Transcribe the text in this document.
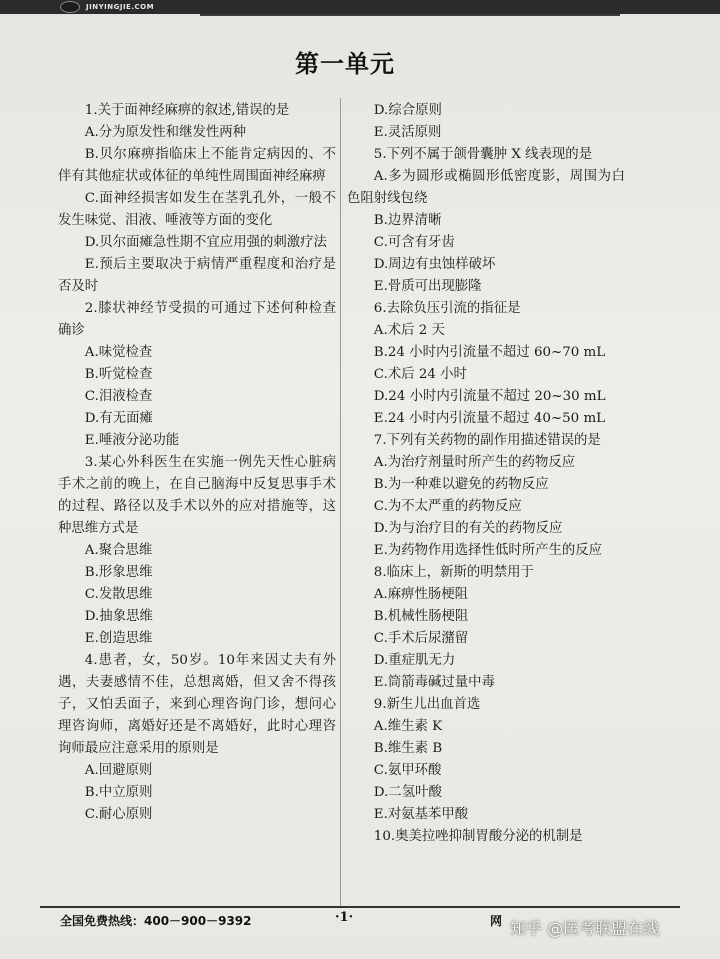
JINYINGJIE.COM
第一单元

1.关于面神经麻痹的叙述,错误的是

A.分为原发性和继发性两种

B.贝尔麻痹指临床上不能肯定病因的、不伴有其他症状或体征的单纯性周围面神经麻痹

C.面神经损害如发生在茎乳孔外，一般不发生味觉、泪液、唾液等方面的变化

D.贝尔面瘫急性期不宜应用强的刺激疗法

E.预后主要取决于病情严重程度和治疗是否及时

2.膝状神经节受损的可通过下述何种检查确诊

A.味觉检查

B.听觉检查

C.泪液检查

D.有无面瘫

E.唾液分泌功能

3.某心外科医生在实施一例先天性心脏病手术之前的晚上，在自己脑海中反复思事手术的过程、路径以及手术以外的应对措施等，这种思维方式是

A.聚合思维

B.形象思维

C.发散思维

D.抽象思维

E.创造思维

4.患者，女，50岁。10年来因丈夫有外遇，夫妻感情不佳，总想离婚，但又舍不得孩子，又怕丢面子，来到心理咨询门诊，想问心理咨询师，离婚好还是不离婚好，此时心理咨询师最应注意采用的原则是

A.回避原则

B.中立原则

C.耐心原则

D.综合原则

E.灵活原则

5.下列不属于颌骨囊肿 X 线表现的是

A.多为圆形或椭圆形低密度影，周围为白色阻射线包绕

B.边界清晰

C.可含有牙齿

D.周边有虫蚀样破坏

E.骨质可出现膨隆

6.去除负压引流的指征是

A.术后 2 天

B.24 小时内引流量不超过 60~70 mL

C.术后 24 小时

D.24 小时内引流量不超过 20~30 mL

E.24 小时内引流量不超过 40~50 mL

7.下列有关药物的副作用描述错误的是

A.为治疗剂量时所产生的药物反应

B.为一种难以避免的药物反应

C.为不太严重的药物反应

D.为与治疗目的有关的药物反应

E.为药物作用选择性低时所产生的反应

8.临床上，新斯的明禁用于

A.麻痹性肠梗阻

B.机械性肠梗阻

C.手术后尿潴留

D.重症肌无力

E.筒箭毒碱过量中毒

9.新生儿出血首选

A.维生素 K

B.维生素 B

C.氨甲环酸

D.二氢叶酸

E.对氨基苯甲酸

10.奥美拉唑抑制胃酸分泌的机制是

全国免费热线：400－900－9392	·1·	网 知乎 @医考联盟在线
